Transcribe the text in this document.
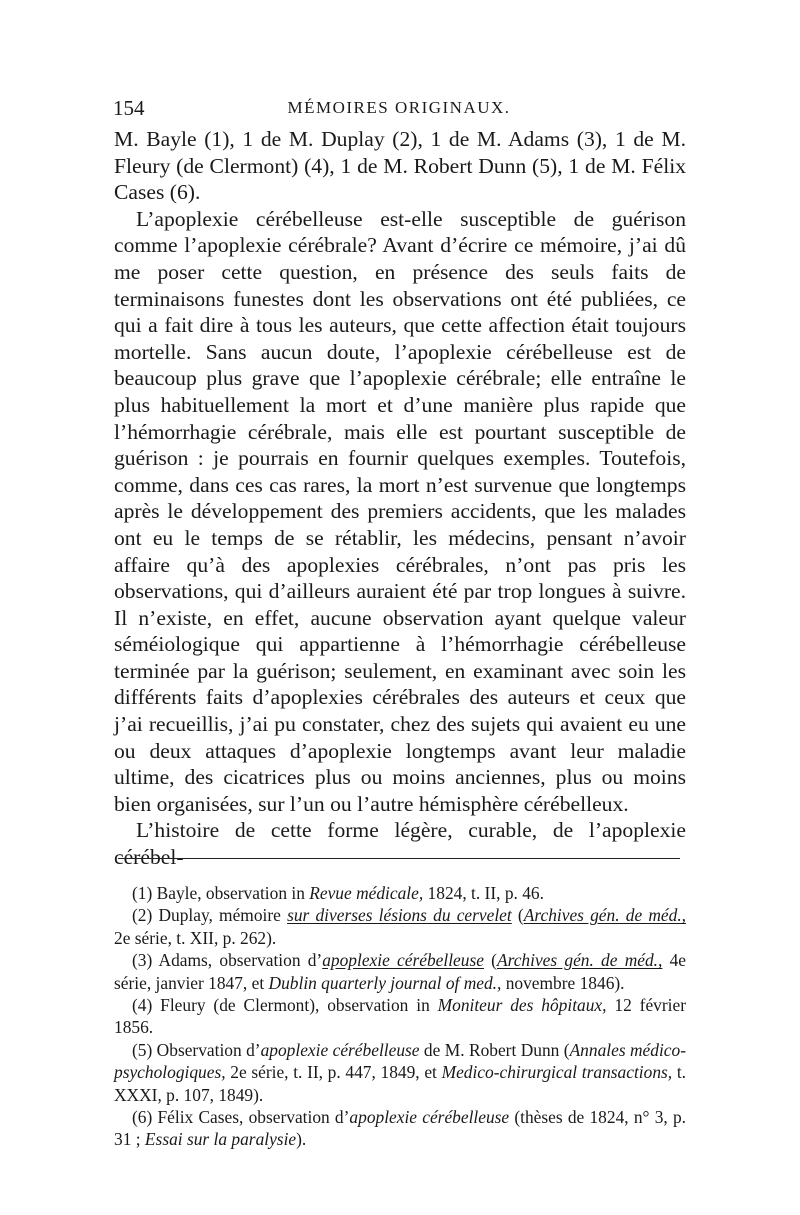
154	MÉMOIRES ORIGINAUX.

M. Bayle (1), 1 de M. Duplay (2), 1 de M. Adams (3), 1 de M. Fleury (de Clermont) (4), 1 de M. Robert Dunn (5), 1 de M. Félix Cases (6).

L’apoplexie cérébelleuse est-elle susceptible de guérison comme l’apoplexie cérébrale? Avant d’écrire ce mémoire, j’ai dû me poser cette question, en présence des seuls faits de terminaisons funestes dont les observations ont été publiées, ce qui a fait dire à tous les auteurs, que cette affection était toujours mortelle. Sans aucun doute, l’apoplexie cérébelleuse est de beaucoup plus grave que l’apoplexie cérébrale; elle entraîne le plus habituellement la mort et d’une manière plus rapide que l’hémorrhagie cérébrale, mais elle est pourtant susceptible de guérison : je pourrais en fournir quelques exemples. Toutefois, comme, dans ces cas rares, la mort n’est survenue que longtemps après le développement des premiers accidents, que les malades ont eu le temps de se rétablir, les médecins, pensant n’avoir affaire qu’à des apoplexies cérébrales, n’ont pas pris les observations, qui d’ailleurs auraient été par trop longues à suivre. Il n’existe, en effet, aucune observation ayant quelque valeur séméiologique qui appartienne à l’hémorrhagie cérébelleuse terminée par la guérison; seulement, en examinant avec soin les différents faits d’apoplexies cérébrales des auteurs et ceux que j’ai recueillis, j’ai pu constater, chez des sujets qui avaient eu une ou deux attaques d’apoplexie longtemps avant leur maladie ultime, des cicatrices plus ou moins anciennes, plus ou moins bien organisées, sur l’un ou l’autre hémisphère cérébelleux.

L’histoire de cette forme légère, curable, de l’apoplexie cérébel-

(1) Bayle, observation in Revue médicale, 1824, t. II, p. 46.

(2) Duplay, mémoire sur diverses lésions du cervelet (Archives gén. de méd., 2e série, t. XII, p. 262).

(3) Adams, observation d’apoplexie cérébelleuse (Archives gén. de méd., 4e série, janvier 1847, et Dublin quarterly journal of med., novembre 1846).

(4) Fleury (de Clermont), observation in Moniteur des hôpitaux, 12 février 1856.

(5) Observation d’apoplexie cérébelleuse de M. Robert Dunn (Annales médico-psychologiques, 2e série, t. II, p. 447, 1849, et Medico-chirurgical transactions, t. XXXI, p. 107, 1849).

(6) Félix Cases, observation d’apoplexie cérébelleuse (thèses de 1824, n° 3, p. 31 ; Essai sur la paralysie).
